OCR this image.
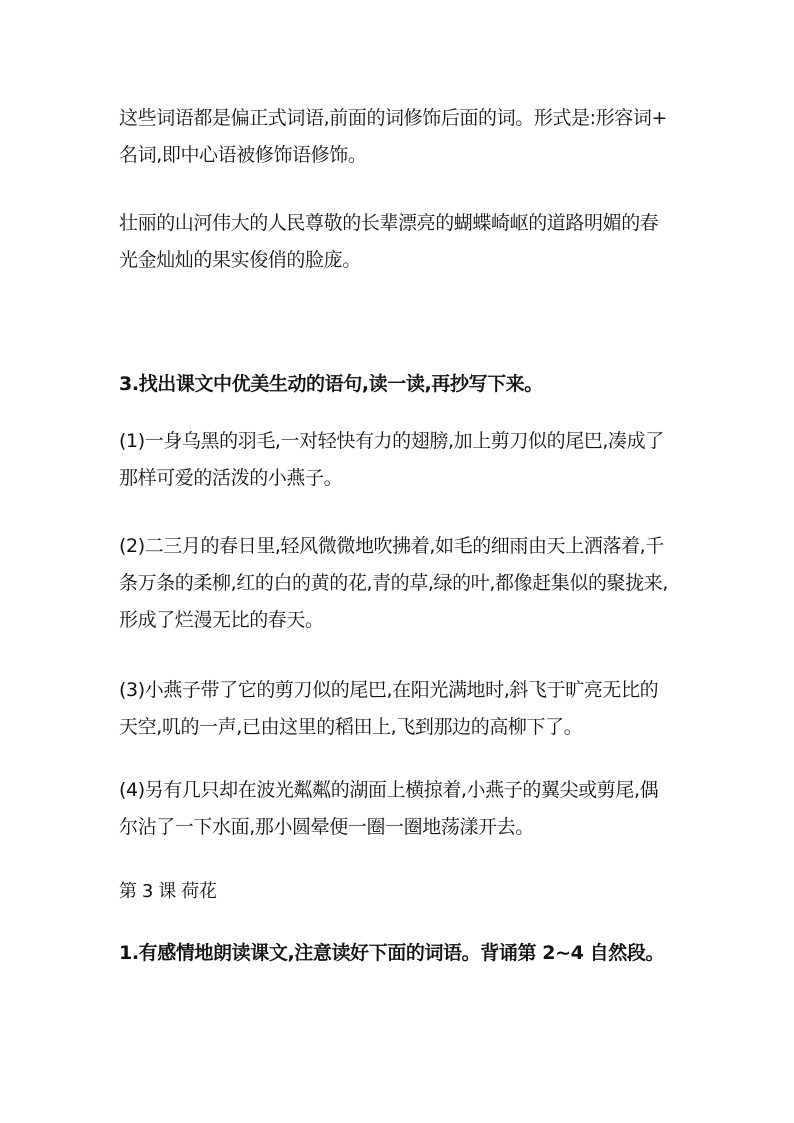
这些词语都是偏正式词语,前面的词修饰后面的词。形式是:形容词+
名词,即中心语被修饰语修饰。

壮丽的山河伟大的人民尊敬的长辈漂亮的蝴蝶崎岖的道路明媚的春
光金灿灿的果实俊俏的脸庞。

3.找出课文中优美生动的语句,读一读,再抄写下来。

(1)一身乌黑的羽毛,一对轻快有力的翅膀,加上剪刀似的尾巴,凑成了
那样可爱的活泼的小燕子。

(2)二三月的春日里,轻风微微地吹拂着,如毛的细雨由天上洒落着,千
条万条的柔柳,红的白的黄的花,青的草,绿的叶,都像赶集似的聚拢来,
形成了烂漫无比的春天。

(3)小燕子带了它的剪刀似的尾巴,在阳光满地时,斜飞于旷亮无比的
天空,叽的一声,已由这里的稻田上,飞到那边的高柳下了。

(4)另有几只却在波光粼粼的湖面上横掠着,小燕子的翼尖或剪尾,偶
尔沾了一下水面,那小圆晕便一圈一圈地荡漾开去。

第 3 课 荷花

1.有感情地朗读课文,注意读好下面的词语。背诵第 2~4 自然段。
